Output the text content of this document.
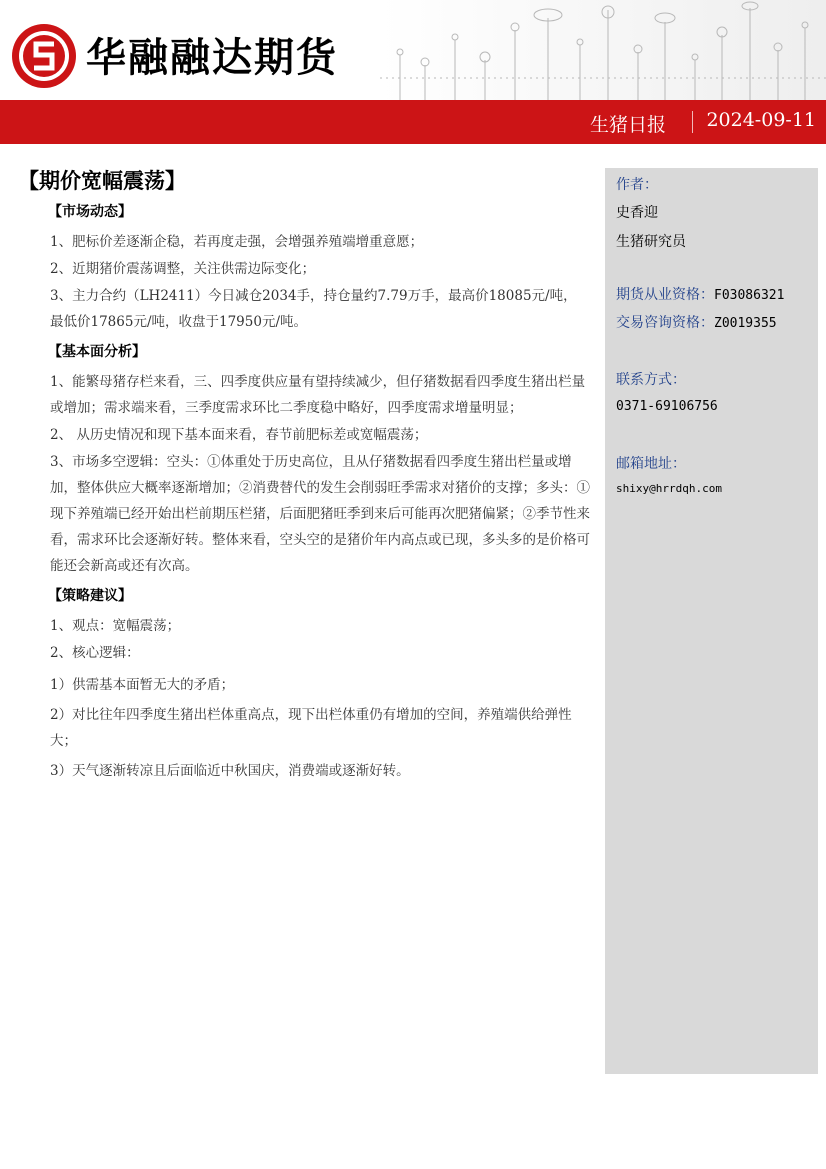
华融融达期货
生猪日报 2024-09-11
【期价宽幅震荡】
【市场动态】

1、肥标价差逐渐企稳，若再度走强，会增强养殖端增重意愿；

2、近期猪价震荡调整，关注供需边际变化；

3、主力合约（LH2411）今日减仓2034手，持仓量约7.79万手，最高价18085元/吨，最低价17865元/吨，收盘于17950元/吨。

【基本面分析】

1、能繁母猪存栏来看，三、四季度供应量有望持续减少，但仔猪数据看四季度生猪出栏量或增加；需求端来看，三季度需求环比二季度稳中略好，四季度需求增量明显；

2、 从历史情况和现下基本面来看，春节前肥标差或宽幅震荡；

3、市场多空逻辑：空头：①体重处于历史高位，且从仔猪数据看四季度生猪出栏量或增加，整体供应大概率逐渐增加；②消费替代的发生会削弱旺季需求对猪价的支撑；多头：①现下养殖端已经开始出栏前期压栏猪，后面肥猪旺季到来后可能再次肥猪偏紧；②季节性来看，需求环比会逐渐好转。整体来看，空头空的是猪价年内高点或已现，多头多的是价格可能还会新高或还有次高。

【策略建议】

1、观点：宽幅震荡；

2、核心逻辑：

1）供需基本面暂无大的矛盾；

2）对比往年四季度生猪出栏体重高点，现下出栏体重仍有增加的空间，养殖端供给弹性大；

3）天气逐渐转凉且后面临近中秋国庆，消费端或逐渐好转。

作者：
史香迎
生猪研究员
期货从业资格：F03086321
交易咨询资格：Z0019355
联系方式：
0371-69106756
邮箱地址：
shixy@hrrdqh.com
